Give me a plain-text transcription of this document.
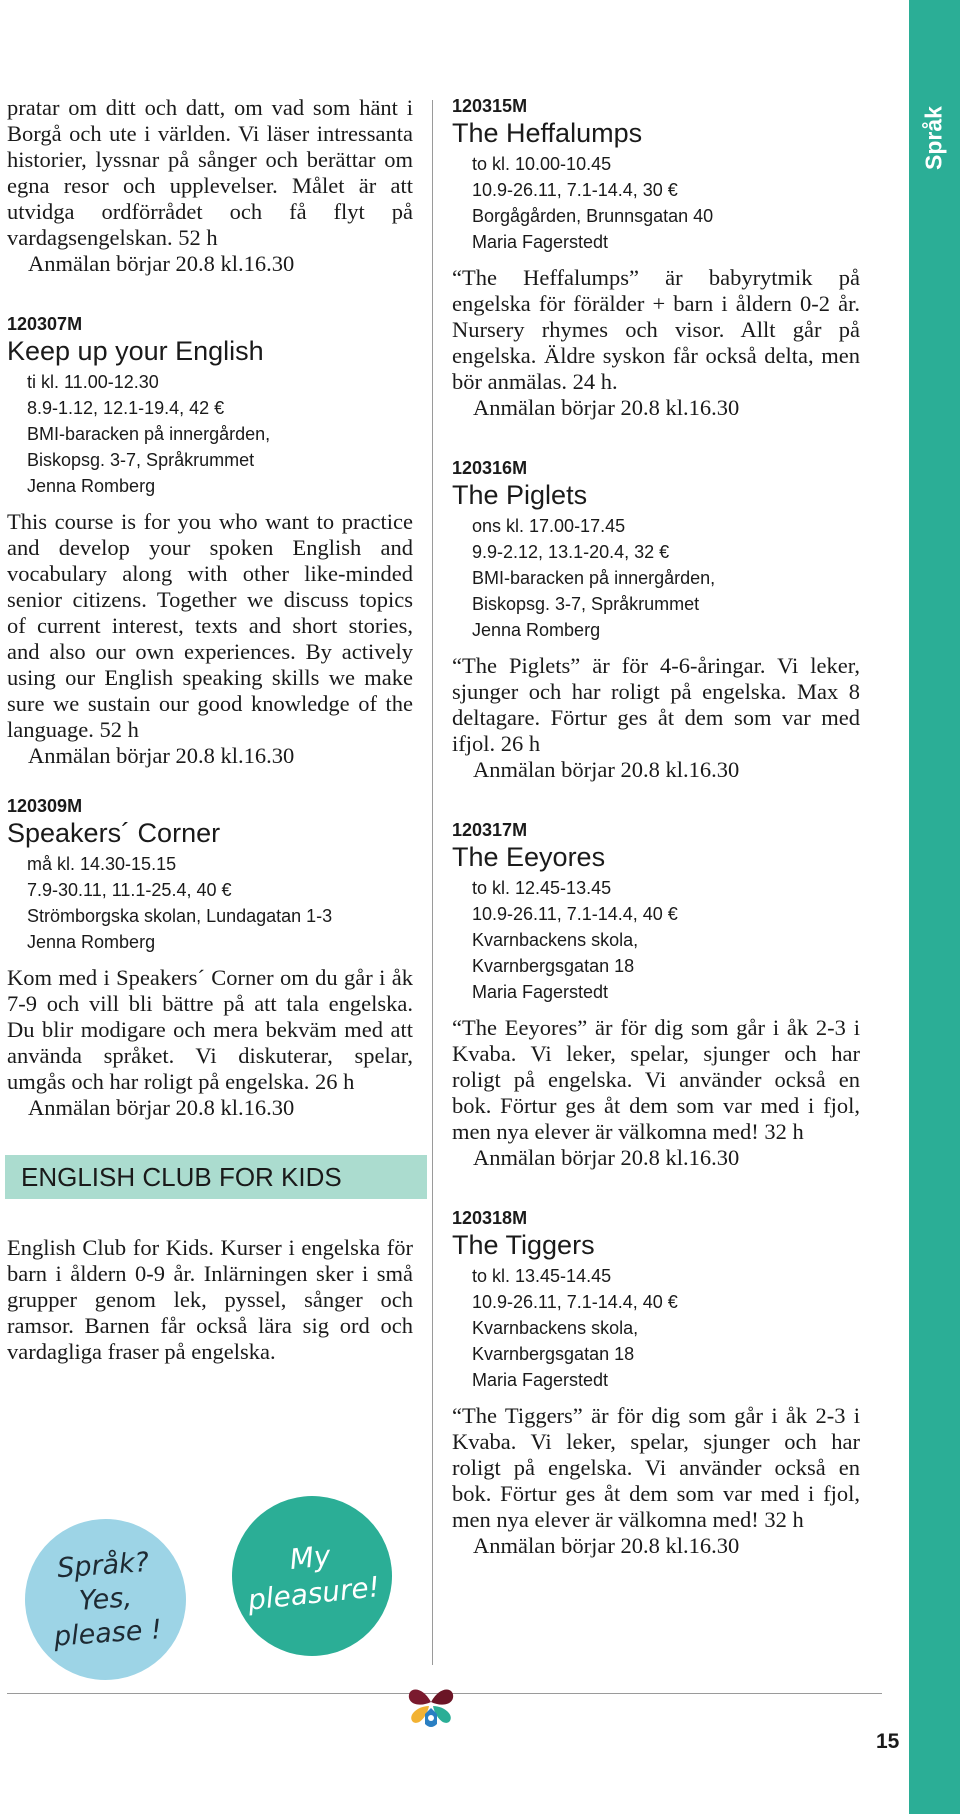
Språk

pratar om ditt och datt, om vad som hänt i Borgå och ute i världen. Vi läser intressanta historier, lyssnar på sånger och berättar om egna resor och upplevelser. Målet är att utvidga ordförrådet och få flyt på vardagsengelskan. 52 h

Anmälan börjar 20.8 kl.16.30

120307M

Keep up your English

ti kl. 11.00-12.30
8.9-1.12, 12.1-19.4, 42 €
BMI-baracken på innergården,
Biskopsg. 3-7, Språkrummet
Jenna Romberg

This course is for you who want to practice and develop your spoken English and vocabulary along with other like-minded senior citizens. Together we discuss topics of current interest, texts and short stories, and also our own experiences. By actively using our English speaking skills we make sure we sustain our good knowledge of the language. 52 h

Anmälan börjar 20.8 kl.16.30

120309M

Speakers´ Corner

må kl. 14.30-15.15
7.9-30.11, 11.1-25.4, 40 €
Strömborgska skolan, Lundagatan 1-3
Jenna Romberg

Kom med i Speakers´ Corner om du går i åk 7-9 och vill bli bättre på att tala engelska. Du blir modigare och mera bekväm med att använda språket. Vi diskuterar, spelar, umgås och har roligt på engelska. 26 h

Anmälan börjar 20.8 kl.16.30

ENGLISH CLUB FOR KIDS

English Club for Kids. Kurser i engelska för barn i åldern 0-9 år. Inlärningen sker i små grupper genom lek, pyssel, sånger och ramsor. Barnen får också lära sig ord och vardagliga fraser på engelska.

120315M

The Heffalumps

to kl. 10.00-10.45
10.9-26.11, 7.1-14.4, 30 €
Borgågården, Brunnsgatan 40
Maria Fagerstedt

“The Heffalumps” är babyrytmik på engelska för förälder + barn i åldern 0-2 år. Nursery rhymes och visor. Allt går på engelska. Äldre syskon får också delta, men bör anmälas. 24 h.

Anmälan börjar 20.8 kl.16.30

120316M

The Piglets

ons kl. 17.00-17.45
9.9-2.12, 13.1-20.4, 32 €
BMI-baracken på innergården,
Biskopsg. 3-7, Språkrummet
Jenna Romberg

“The Piglets” är för 4-6-åringar. Vi leker, sjunger och har roligt på engelska. Max 8 deltagare. Förtur ges åt dem som var med ifjol. 26 h

Anmälan börjar 20.8 kl.16.30

120317M

The Eeyores

to kl. 12.45-13.45
10.9-26.11, 7.1-14.4, 40 €
Kvarnbackens skola,
Kvarnbergsgatan 18
Maria Fagerstedt

“The Eeyores” är för dig som går i åk 2-3 i Kvaba. Vi leker, spelar, sjunger och har roligt på engelska. Vi använder också en bok. Förtur ges åt dem som var med i fjol, men nya elever är välkomna med! 32 h

Anmälan börjar 20.8 kl.16.30

120318M

The Tiggers

to kl. 13.45-14.45
10.9-26.11, 7.1-14.4, 40 €
Kvarnbackens skola,
Kvarnbergsgatan 18
Maria Fagerstedt

“The Tiggers” är för dig som går i åk 2-3 i Kvaba. Vi leker, spelar, sjunger och har roligt på engelska. Vi använder också en bok. Förtur ges åt dem som var med i fjol, men nya elever är välkomna med! 32 h

Anmälan börjar 20.8 kl.16.30

Språk?
Yes,
please !
My
pleasure!
15
